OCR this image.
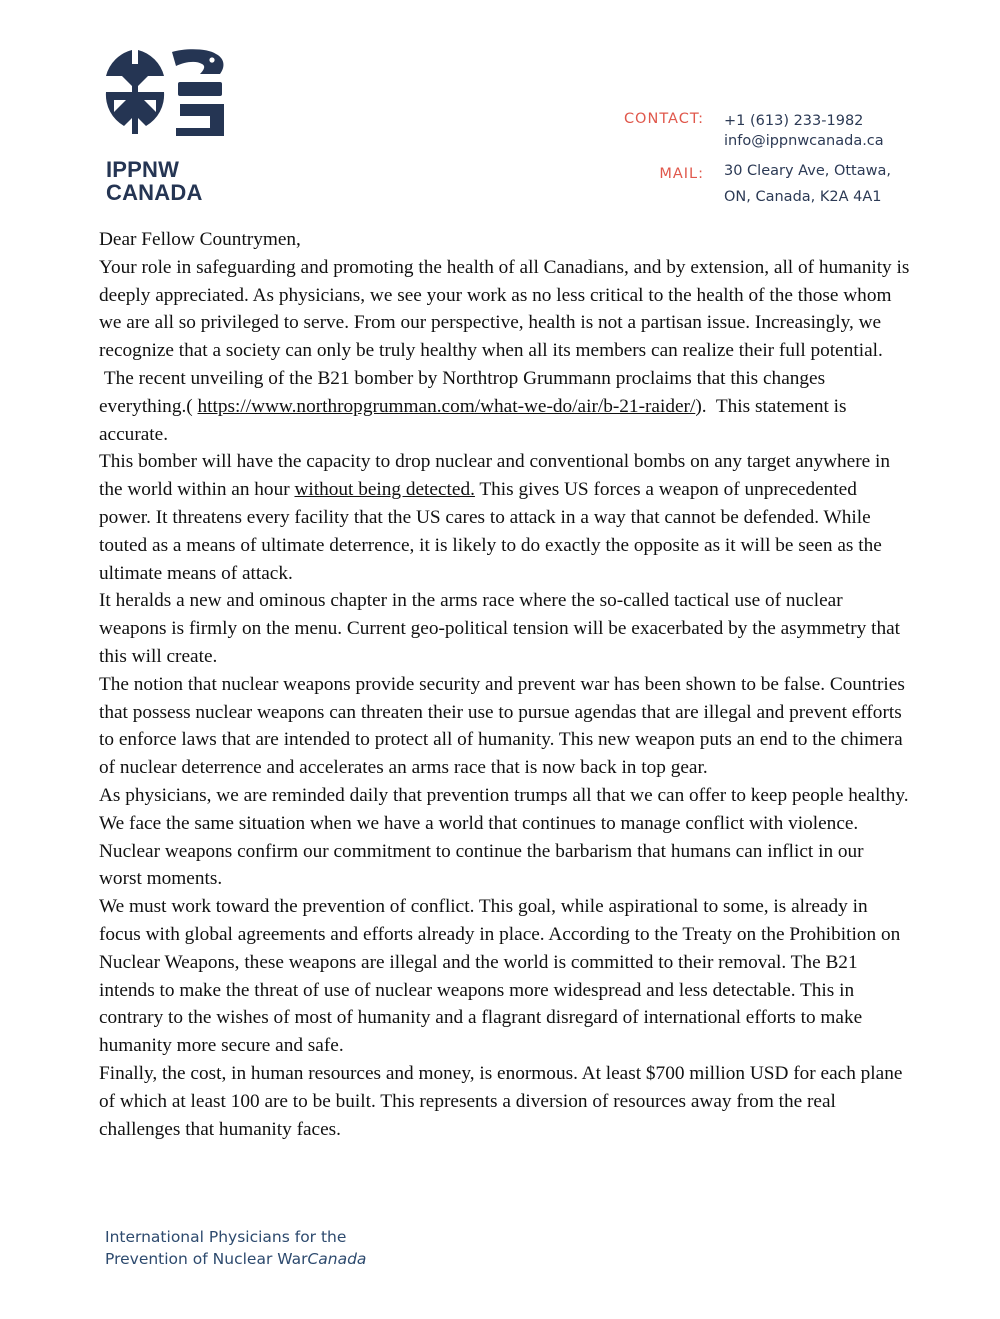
IPPNW
CANADA
CONTACT: +1 (613) 233-1982
info@ippnwcanada.ca
MAIL: 30 Cleary Ave, Ottawa,
ON, Canada, K2A 4A1

Dear Fellow Countrymen,

Your role in safeguarding and promoting the health of all Canadians, and by extension, all of humanity is deeply appreciated. As physicians, we see your work as no less critical to the health of the those whom we are all so privileged to serve. From our perspective, health is not a partisan issue. Increasingly, we recognize that a society can only be truly healthy when all its members can realize their full potential.

The recent unveiling of the B21 bomber by Northtrop Grummann proclaims that this changes everything.( https://www.northropgrumman.com/what-we-do/air/b-21-raider/).  This statement is accurate.

This bomber will have the capacity to drop nuclear and conventional bombs on any target anywhere in the world within an hour without being detected. This gives US forces a weapon of unprecedented power. It threatens every facility that the US cares to attack in a way that cannot be defended. While touted as a means of ultimate deterrence, it is likely to do exactly the opposite as it will be seen as the ultimate means of attack.

It heralds a new and ominous chapter in the arms race where the so-called tactical use of nuclear weapons is firmly on the menu. Current geo-political tension will be exacerbated by the asymmetry that this will create.

The notion that nuclear weapons provide security and prevent war has been shown to be false. Countries that possess nuclear weapons can threaten their use to pursue agendas that are illegal and prevent efforts to enforce laws that are intended to protect all of humanity. This new weapon puts an end to the chimera of nuclear deterrence and accelerates an arms race that is now back in top gear.

As physicians, we are reminded daily that prevention trumps all that we can offer to keep people healthy. We face the same situation when we have a world that continues to manage conflict with violence. Nuclear weapons confirm our commitment to continue the barbarism that humans can inflict in our worst moments.

We must work toward the prevention of conflict. This goal, while aspirational to some, is already in focus with global agreements and efforts already in place. According to the Treaty on the Prohibition on Nuclear Weapons, these weapons are illegal and the world is committed to their removal. The B21 intends to make the threat of use of nuclear weapons more widespread and less detectable. This in contrary to the wishes of most of humanity and a flagrant disregard of international efforts to make humanity more secure and safe.

Finally, the cost, in human resources and money, is enormous. At least $700 million USD for each plane of which at least 100 are to be built. This represents a diversion of resources away from the real challenges that humanity faces.

International Physicians for the
Prevention of Nuclear WarCanada
